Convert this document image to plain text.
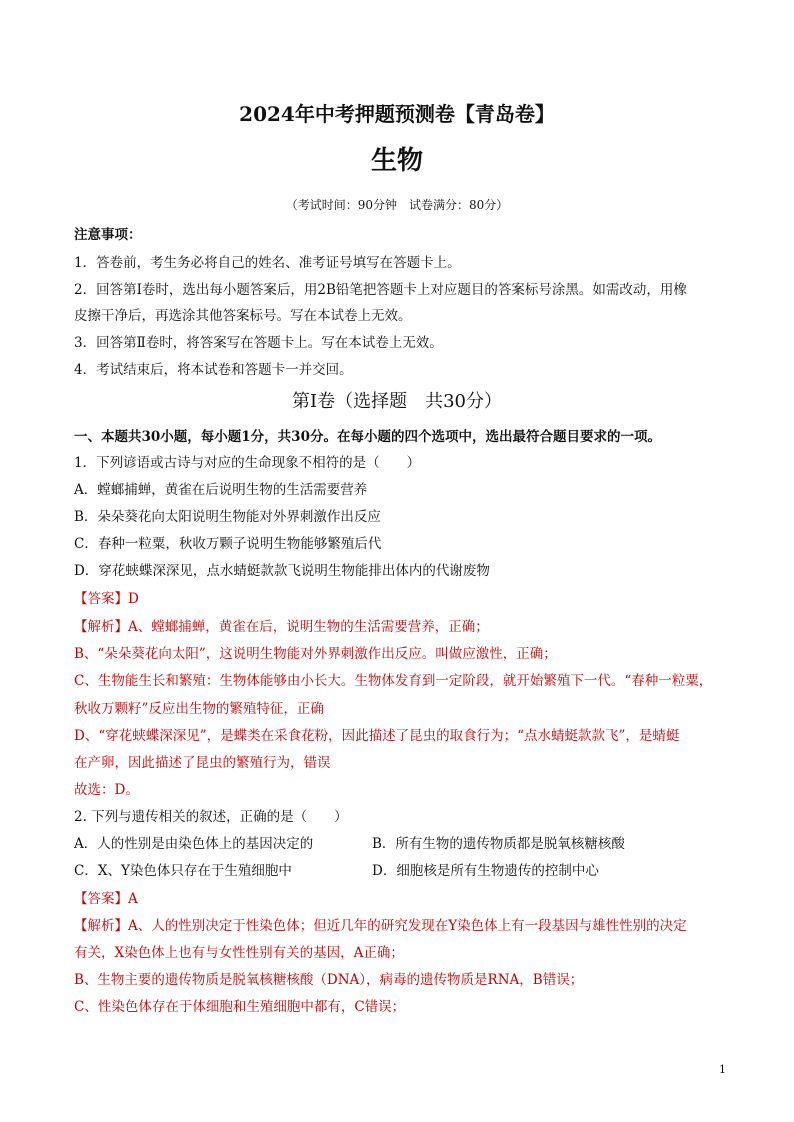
2024年中考押题预测卷【青岛卷】
生物
（考试时间：90分钟　试卷满分：80分）
注意事项：
1．答卷前，考生务必将自己的姓名、准考证号填写在答题卡上。
2．回答第Ⅰ卷时，选出每小题答案后，用2B铅笔把答题卡上对应题目的答案标号涂黑。如需改动，用橡
皮擦干净后，再选涂其他答案标号。写在本试卷上无效。
3．回答第Ⅱ卷时，将答案写在答题卡上。写在本试卷上无效。
4．考试结束后，将本试卷和答题卡一并交回。
第Ⅰ卷（选择题　共30分）
一、本题共30小题，每小题1分，共30分。在每小题的四个选项中，选出最符合题目要求的一项。
1．下列谚语或古诗与对应的生命现象不相符的是（　　）
A．螳螂捕蝉，黄雀在后说明生物的生活需要营养
B．朵朵葵花向太阳说明生物能对外界刺激作出反应
C．春种一粒粟，秋收万颗子说明生物能够繁殖后代
D．穿花蛱蝶深深见，点水蜻蜓款款飞说明生物能排出体内的代谢废物
【答案】D
【解析】A、螳螂捕蝉，黄雀在后，说明生物的生活需要营养，正确；
B、“朵朵葵花向太阳”，这说明生物能对外界刺激作出反应。叫做应激性，正确；
C、生物能生长和繁殖：生物体能够由小长大。生物体发育到一定阶段，就开始繁殖下一代。“春种一粒粟，
秋收万颗籽”反应出生物的繁殖特征，正确
D、“穿花蛱蝶深深见”，是蝶类在采食花粉，因此描述了昆虫的取食行为；“点水蜻蜓款款飞”，是蜻蜓
在产卵，因此描述了昆虫的繁殖行为，错误
故选：D。
2. 下列与遗传相关的叙述，正确的是（　　）
A．人的性别是由染色体上的基因决定的	B．所有生物的遗传物质都是脱氧核糖核酸
C．X、Y染色体只存在于生殖细胞中	D．细胞核是所有生物遗传的控制中心
【答案】A
【解析】A、人的性别决定于性染色体；但近几年的研究发现在Y染色体上有一段基因与雄性性别的决定
有关，X染色体上也有与女性性别有关的基因，A正确；
B、生物主要的遗传物质是脱氧核糖核酸（DNA），病毒的遗传物质是RNA，B错误；
C、性染色体存在于体细胞和生殖细胞中都有，C错误；
1
